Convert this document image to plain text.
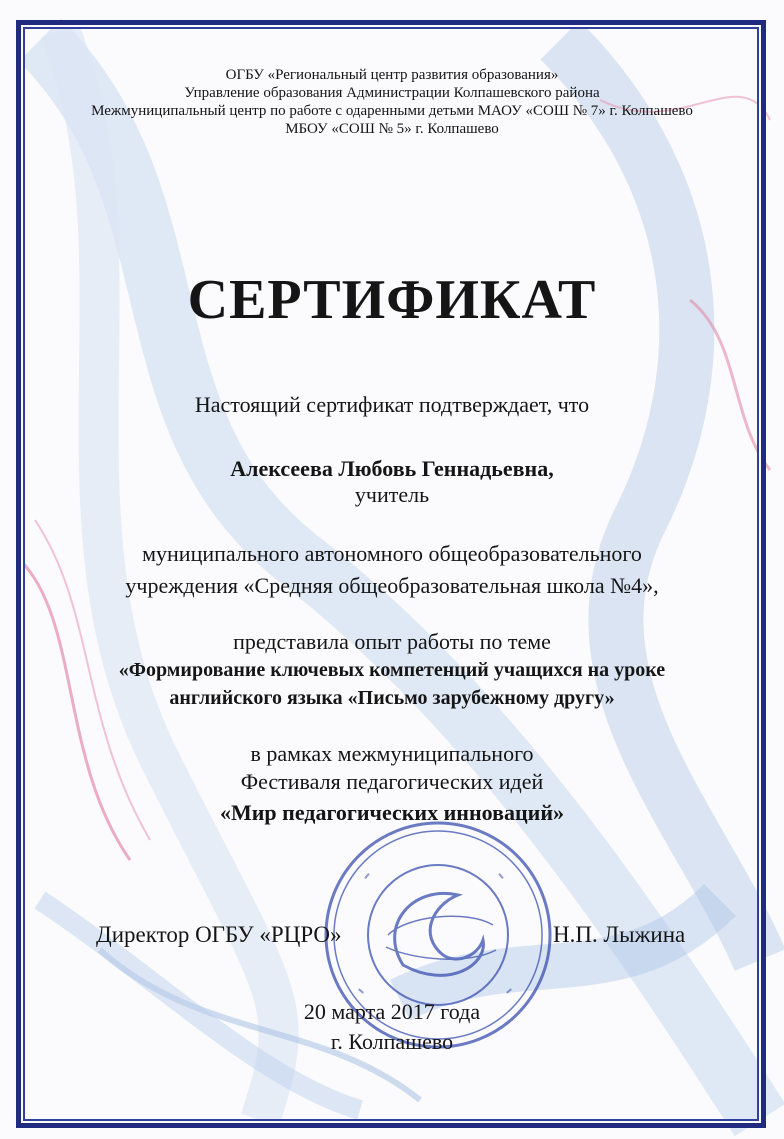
ОГБУ «Региональный центр развития образования»
Управление образования Администрации Колпашевского района
Межмуниципальный центр по работе с одаренными детьми МАОУ «СОШ № 7» г. Колпашево
МБОУ «СОШ № 5» г. Колпашево
СЕРТИФИКАТ
Настоящий сертификат подтверждает, что
Алексеева Любовь Геннадьевна,
учитель
муниципального автономного общеобразовательного
учреждения «Средняя общеобразовательная школа №4»,
представила опыт работы по теме
«Формирование ключевых компетенций учащихся на уроке
английского языка «Письмо зарубежному другу»
в рамках межмуниципального
Фестиваля педагогических идей
«Мир педагогических инноваций»
Директор ОГБУ «РЦРО»	Н.П. Лыжина
20 марта 2017 года
г. Колпашево
